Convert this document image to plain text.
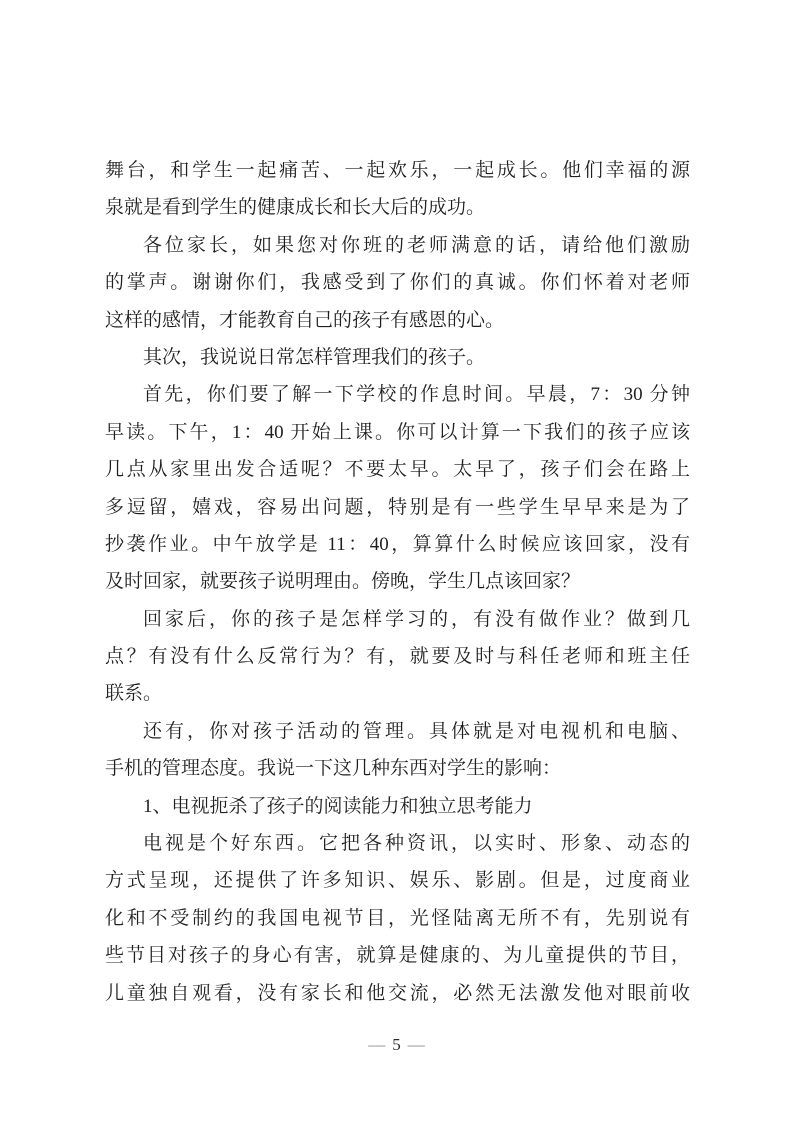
舞台，和学生一起痛苦、一起欢乐，一起成长。他们幸福的源
泉就是看到学生的健康成长和长大后的成功。
各位家长，如果您对你班的老师满意的话，请给他们激励
的掌声。谢谢你们，我感受到了你们的真诚。你们怀着对老师
这样的感情，才能教育自己的孩子有感恩的心。
其次，我说说日常怎样管理我们的孩子。
首先，你们要了解一下学校的作息时间。早晨，7：30 分钟
早读。下午，1：40 开始上课。你可以计算一下我们的孩子应该
几点从家里出发合适呢？不要太早。太早了，孩子们会在路上
多逗留，嬉戏，容易出问题，特别是有一些学生早早来是为了
抄袭作业。中午放学是 11：40，算算什么时候应该回家，没有
及时回家，就要孩子说明理由。傍晚，学生几点该回家？
回家后，你的孩子是怎样学习的，有没有做作业？做到几
点？有没有什么反常行为？有，就要及时与科任老师和班主任
联系。
还有，你对孩子活动的管理。具体就是对电视机和电脑、
手机的管理态度。我说一下这几种东西对学生的影响：
1、电视扼杀了孩子的阅读能力和独立思考能力
电视是个好东西。它把各种资讯，以实时、形象、动态的
方式呈现，还提供了许多知识、娱乐、影剧。但是，过度商业
化和不受制约的我国电视节目，光怪陆离无所不有，先别说有
些节目对孩子的身心有害，就算是健康的、为儿童提供的节目，
儿童独自观看，没有家长和他交流，必然无法激发他对眼前收
— 5 —
